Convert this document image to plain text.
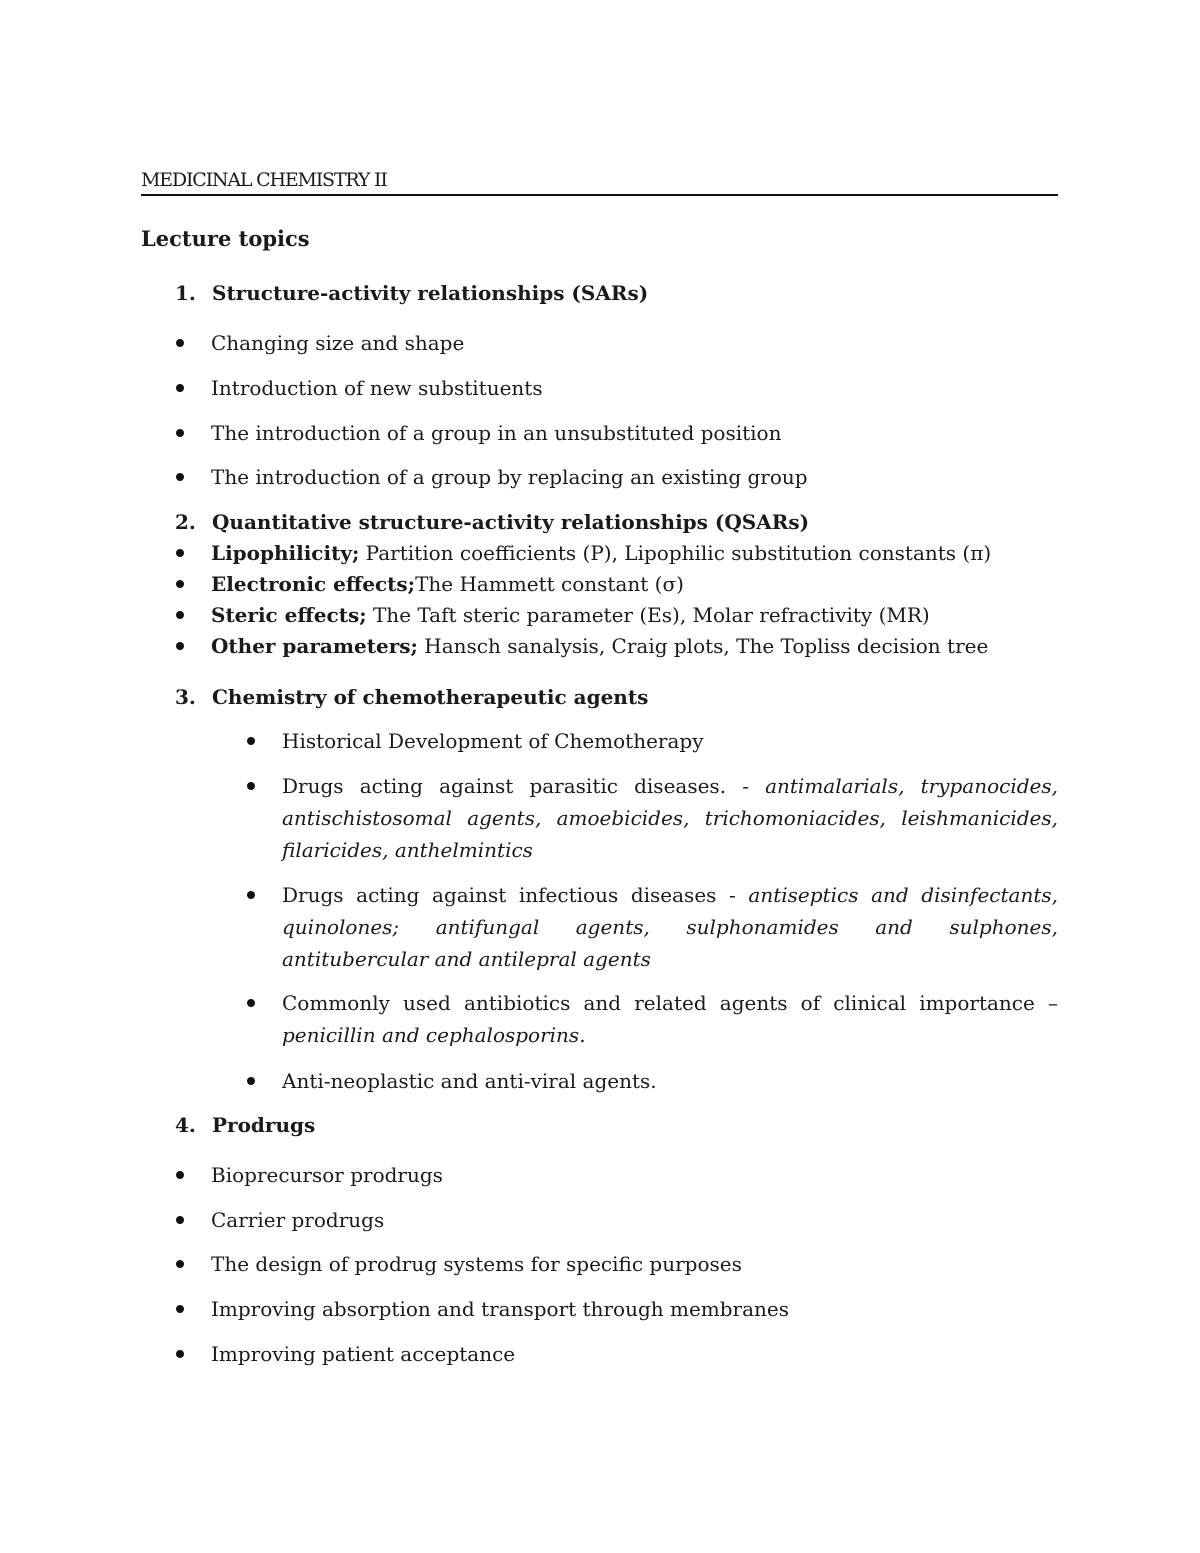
MEDICINAL CHEMISTRY II
Lecture topics
1. Structure-activity relationships (SARs)
Changing size and shape
Introduction of new substituents
The introduction of a group in an unsubstituted position
The introduction of a group by replacing an existing group
2. Quantitative structure-activity relationships (QSARs)
Lipophilicity; Partition coefficients (P), Lipophilic substitution constants (π)
Electronic effects;The Hammett constant (σ)
Steric effects; The Taft steric parameter (Es), Molar refractivity (MR)
Other parameters; Hansch sanalysis, Craig plots, The Topliss decision tree
3. Chemistry of chemotherapeutic agents
Historical Development of Chemotherapy
Drugs acting against parasitic diseases. - antimalarials, trypanocides, antischistosomal agents, amoebicides, trichomoniacides, leishmanicides, filaricides, anthelmintics
Drugs acting against infectious diseases - antiseptics and disinfectants, quinolones; antifungal agents, sulphonamides and sulphones, antitubercular and antilepral agents
Commonly used antibiotics and related agents of clinical importance – penicillin and cephalosporins.
Anti-neoplastic and anti-viral agents.
4. Prodrugs
Bioprecursor prodrugs
Carrier prodrugs
The design of prodrug systems for specific purposes
Improving absorption and transport through membranes
Improving patient acceptance
